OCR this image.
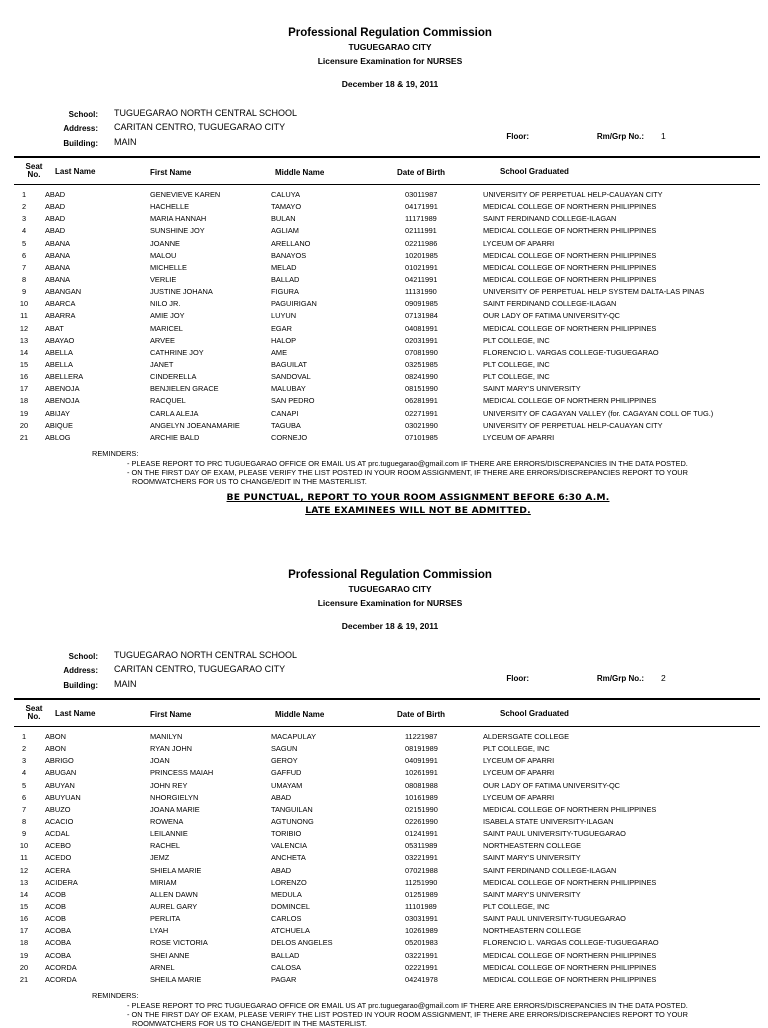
Professional Regulation Commission
TUGUEGARAO CITY
Licensure Examination for NURSES
December 18 & 19, 2011
School: TUGUEGARAO NORTH CENTRAL SCHOOL
Address: CARITAN CENTRO, TUGUEGARAO CITY
Building: MAIN
Floor:	Rm/Grp No.: 1
Seat
No.	Last Name	First Name	Middle Name	Date of Birth	School Graduated
1	ABAD	GENEVIEVE KAREN	CALUYA	03011987	UNIVERSITY OF PERPETUAL HELP-CAUAYAN CITY
2	ABAD	HACHELLE	TAMAYO	04171991	MEDICAL COLLEGE OF NORTHERN PHILIPPINES
3	ABAD	MARIA HANNAH	BULAN	11171989	SAINT FERDINAND COLLEGE-ILAGAN
4	ABAD	SUNSHINE JOY	AGLIAM	02111991	MEDICAL COLLEGE OF NORTHERN PHILIPPINES
5	ABANA	JOANNE	ARELLANO	02211986	LYCEUM OF APARRI
6	ABANA	MALOU	BANAYOS	10201985	MEDICAL COLLEGE OF NORTHERN PHILIPPINES
7	ABANA	MICHELLE	MELAD	01021991	MEDICAL COLLEGE OF NORTHERN PHILIPPINES
8	ABANA	VERLIE	BALLAD	04211991	MEDICAL COLLEGE OF NORTHERN PHILIPPINES
9	ABANGAN	JUSTINE JOHANA	FIGURA	11131990	UNIVERSITY OF PERPETUAL HELP SYSTEM DALTA-LAS PINAS
10	ABARCA	NILO JR.	PAGUIRIGAN	09091985	SAINT FERDINAND COLLEGE-ILAGAN
11	ABARRA	AMIE JOY	LUYUN	07131984	OUR LADY OF FATIMA UNIVERSITY-QC
12	ABAT	MARICEL	EGAR	04081991	MEDICAL COLLEGE OF NORTHERN PHILIPPINES
13	ABAYAO	ARVEE	HALOP	02031991	PLT COLLEGE, INC
14	ABELLA	CATHRINE JOY	AME	07081990	FLORENCIO L. VARGAS COLLEGE-TUGUEGARAO
15	ABELLA	JANET	BAGUILAT	03251985	PLT COLLEGE, INC
16	ABELLERA	CINDERELLA	SANDOVAL	08241990	PLT COLLEGE, INC
17	ABENOJA	BENJIELEN GRACE	MALUBAY	08151990	SAINT MARY'S UNIVERSITY
18	ABENOJA	RACQUEL	SAN PEDRO	06281991	MEDICAL COLLEGE OF NORTHERN PHILIPPINES
19	ABIJAY	CARLA ALEJA	CANAPI	02271991	UNIVERSITY OF CAGAYAN VALLEY (for. CAGAYAN COLL OF TUG.)
20	ABIQUE	ANGELYN JOEANAMARIE	TAGUBA	03021990	UNIVERSITY OF PERPETUAL HELP-CAUAYAN CITY
21	ABLOG	ARCHIE BALD	CORNEJO	07101985	LYCEUM OF APARRI
REMINDERS:
- PLEASE REPORT TO PRC TUGUEGARAO OFFICE OR EMAIL US AT prc.tuguegarao@gmail.com IF THERE ARE ERRORS/DISCREPANCIES IN THE DATA POSTED.
- ON THE FIRST DAY OF EXAM, PLEASE VERIFY THE LIST POSTED IN YOUR ROOM ASSIGNMENT, IF THERE ARE ERRORS/DISCREPANCIES REPORT TO YOUR
ROOMWATCHERS FOR US TO CHANGE/EDIT IN THE MASTERLIST.
BE PUNCTUAL, REPORT TO YOUR ROOM ASSIGNMENT BEFORE 6:30 A.M.
LATE EXAMINEES WILL NOT BE ADMITTED.
Professional Regulation Commission
TUGUEGARAO CITY
Licensure Examination for NURSES
December 18 & 19, 2011
School: TUGUEGARAO NORTH CENTRAL SCHOOL
Address: CARITAN CENTRO, TUGUEGARAO CITY
Building: MAIN
Floor:	Rm/Grp No.: 2
Seat
No.	Last Name	First Name	Middle Name	Date of Birth	School Graduated
1	ABON	MANILYN	MACAPULAY	11221987	ALDERSGATE COLLEGE
2	ABON	RYAN JOHN	SAGUN	08191989	PLT COLLEGE, INC
3	ABRIGO	JOAN	GEROY	04091991	LYCEUM OF APARRI
4	ABUGAN	PRINCESS MAIAH	GAFFUD	10261991	LYCEUM OF APARRI
5	ABUYAN	JOHN REY	UMAYAM	08081988	OUR LADY OF FATIMA UNIVERSITY-QC
6	ABUYUAN	NHORGIELYN	ABAD	10161989	LYCEUM OF APARRI
7	ABUZO	JOANA MARIE	TANGUILAN	02151990	MEDICAL COLLEGE OF NORTHERN PHILIPPINES
8	ACACIO	ROWENA	AGTUNONG	02261990	ISABELA STATE UNIVERSITY-ILAGAN
9	ACDAL	LEILANNIE	TORIBIO	01241991	SAINT PAUL UNIVERSITY-TUGUEGARAO
10	ACEBO	RACHEL	VALENCIA	05311989	NORTHEASTERN COLLEGE
11	ACEDO	JEMZ	ANCHETA	03221991	SAINT MARY'S UNIVERSITY
12	ACERA	SHIELA MARIE	ABAD	07021988	SAINT FERDINAND COLLEGE-ILAGAN
13	ACIDERA	MIRIAM	LORENZO	11251990	MEDICAL COLLEGE OF NORTHERN PHILIPPINES
14	ACOB	ALLEN DAWN	MEDULA	01251989	SAINT MARY'S UNIVERSITY
15	ACOB	AUREL GARY	DOMINCEL	11101989	PLT COLLEGE, INC
16	ACOB	PERLITA	CARLOS	03031991	SAINT PAUL UNIVERSITY-TUGUEGARAO
17	ACOBA	LYAH	ATCHUELA	10261989	NORTHEASTERN COLLEGE
18	ACOBA	ROSE VICTORIA	DELOS ANGELES	05201983	FLORENCIO L. VARGAS COLLEGE-TUGUEGARAO
19	ACOBA	SHEI ANNE	BALLAD	03221991	MEDICAL COLLEGE OF NORTHERN PHILIPPINES
20	ACORDA	ARNEL	CALOSA	02221991	MEDICAL COLLEGE OF NORTHERN PHILIPPINES
21	ACORDA	SHEILA MARIE	PAGAR	04241978	MEDICAL COLLEGE OF NORTHERN PHILIPPINES
REMINDERS:
- PLEASE REPORT TO PRC TUGUEGARAO OFFICE OR EMAIL US AT prc.tuguegarao@gmail.com IF THERE ARE ERRORS/DISCREPANCIES IN THE DATA POSTED.
- ON THE FIRST DAY OF EXAM, PLEASE VERIFY THE LIST POSTED IN YOUR ROOM ASSIGNMENT, IF THERE ARE ERRORS/DISCREPANCIES REPORT TO YOUR
ROOMWATCHERS FOR US TO CHANGE/EDIT IN THE MASTERLIST.
